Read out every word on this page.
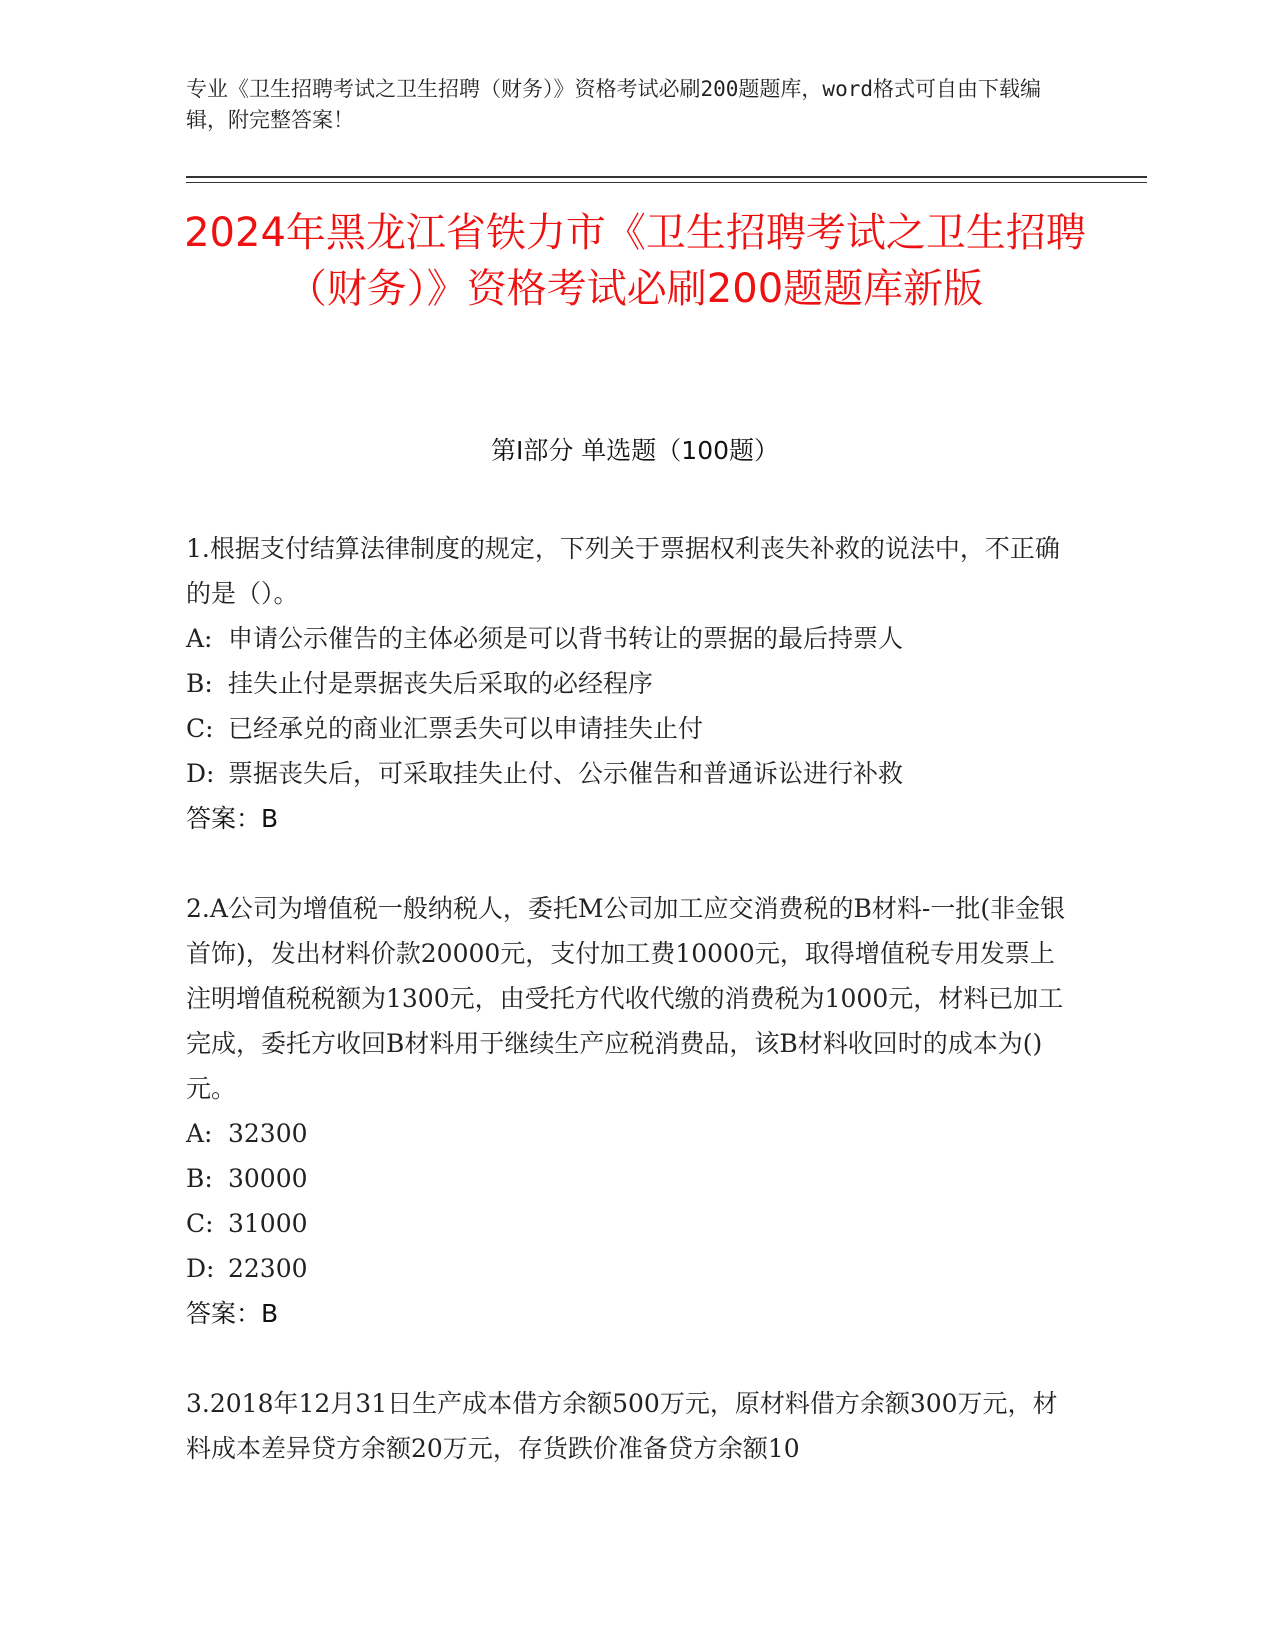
专业《卫生招聘考试之卫生招聘（财务）》资格考试必刷200题题库，word格式可自由下载编辑，附完整答案！
2024年黑龙江省铁力市《卫生招聘考试之卫生招聘（财务）》资格考试必刷200题题库新版
第Ⅰ部分 单选题（100题）
1.根据支付结算法律制度的规定，下列关于票据权利丧失补救的说法中，不正确的是（）。
A: 申请公示催告的主体必须是可以背书转让的票据的最后持票人
B: 挂失止付是票据丧失后采取的必经程序
C: 已经承兑的商业汇票丢失可以申请挂失止付
D: 票据丧失后，可采取挂失止付、公示催告和普通诉讼进行补救
答案：B
2.A公司为增值税一般纳税人，委托M公司加工应交消费税的B材料-一批(非金银首饰)，发出材料价款20000元，支付加工费10000元，取得增值税专用发票上注明增值税税额为1300元，由受托方代收代缴的消费税为1000元，材料已加工完成，委托方收回B材料用于继续生产应税消费品，该B材料收回时的成本为()元。
A: 32300
B: 30000
C: 31000
D: 22300
答案：B
3.2018年12月31日生产成本借方余额500万元，原材料借方余额300万元，材料成本差异贷方余额20万元，存货跌价准备贷方余额10
